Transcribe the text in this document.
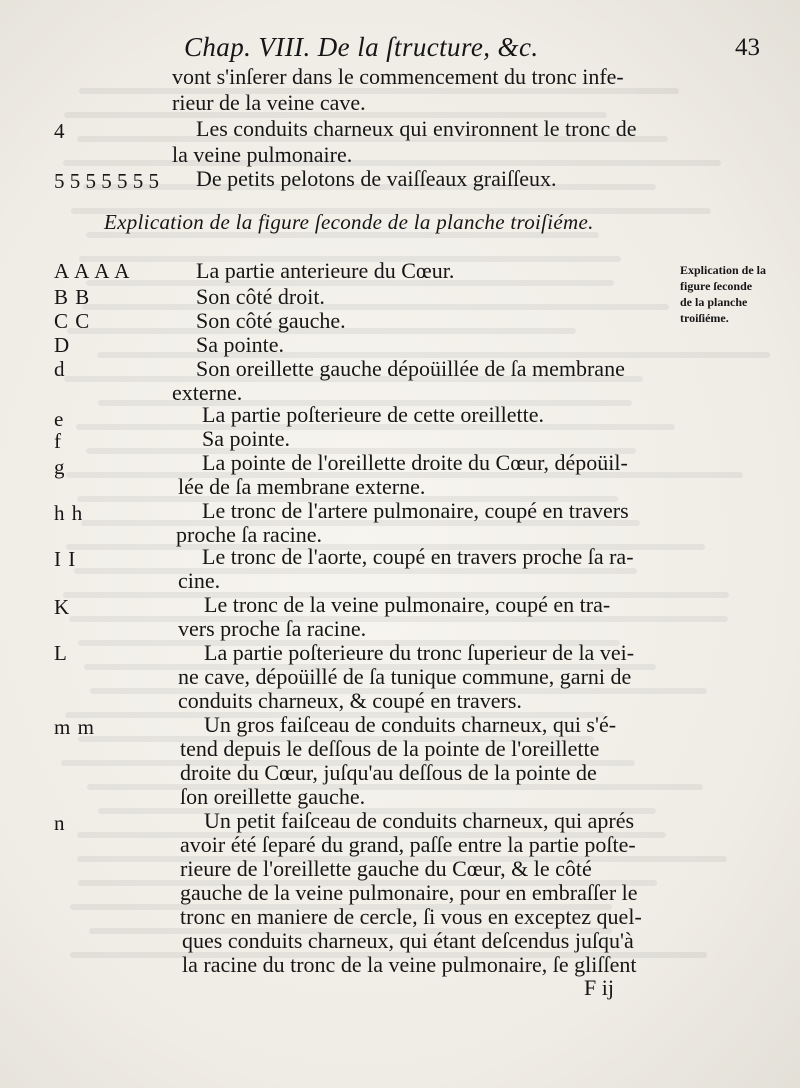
Chap. VIII. De la ſtructure, &c.	43
vont s'inſerer dans le commencement du tronc infe-
rieur de la veine cave.
4	Les conduits charneux qui environnent le tronc de
la veine pulmonaire.
5 5 5 5 5 5 5	De petits pelotons de vaiſſeaux graiſſeux.
Explication de la figure ſeconde de la planche troiſiéme.
Explication de la figure ſeconde de la planche troiſiéme.
A A A A	La partie anterieure du Cœur.
B B	Son côté droit.
C C	Son côté gauche.
D	Sa pointe.
d	Son oreillette gauche dépoüillée de ſa membrane
externe.
e	La partie poſterieure de cette oreillette.
f	Sa pointe.
g	La pointe de l'oreillette droite du Cœur, dépoüil-
lée de ſa membrane externe.
h h	Le tronc de l'artere pulmonaire, coupé en travers
proche ſa racine.
I I	Le tronc de l'aorte, coupé en travers proche ſa ra-
cine.
K	Le tronc de la veine pulmonaire, coupé en tra-
vers proche ſa racine.
L	La partie poſterieure du tronc ſuperieur de la vei-
ne cave, dépoüillé de ſa tunique commune, garni de
conduits charneux, & coupé en travers.
m m	Un gros faiſceau de conduits charneux, qui s'é-
tend depuis le deſſous de la pointe de l'oreillette
droite du Cœur, juſqu'au deſſous de la pointe de
ſon oreillette gauche.
n	Un petit faiſceau de conduits charneux, qui aprés
avoir été ſeparé du grand, paſſe entre la partie poſte-
rieure de l'oreillette gauche du Cœur, & le côté
gauche de la veine pulmonaire, pour en embraſſer le
tronc en maniere de cercle, ſi vous en exceptez quel-
ques conduits charneux, qui étant deſcendus juſqu'à
la racine du tronc de la veine pulmonaire, ſe gliſſent
F ij
